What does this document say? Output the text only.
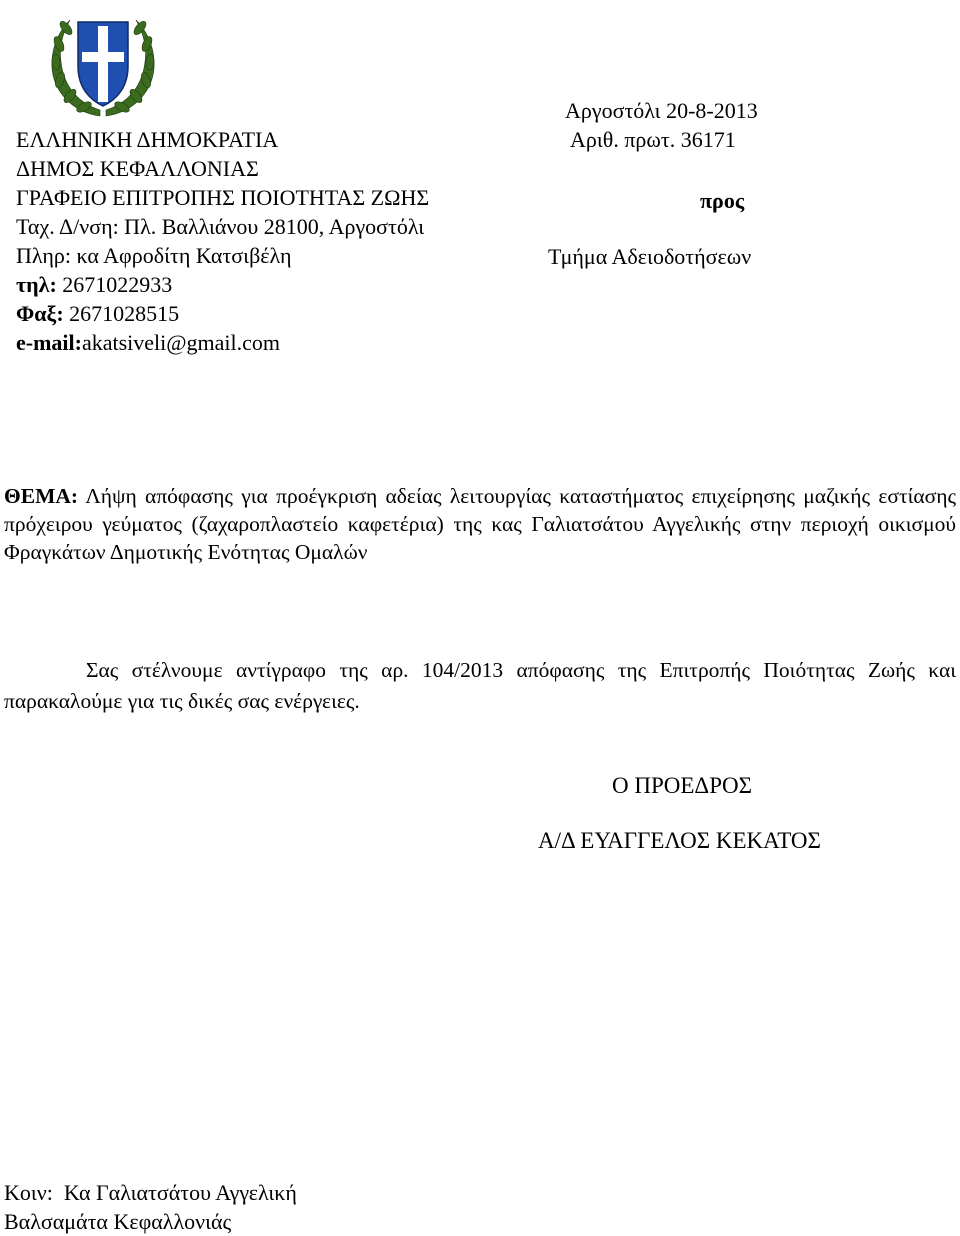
ΕΛΛΗΝΙΚΗ ΔΗΜΟΚΡΑΤΙΑ
ΔΗΜΟΣ ΚΕΦΑΛΛΟΝΙΑΣ
ΓΡΑΦΕΙΟ ΕΠΙΤΡΟΠΗΣ ΠΟΙΟΤΗΤΑΣ ΖΩΗΣ
Ταχ. Δ/νση: Πλ. Βαλλιάνου 28100, Αργοστόλι
Πληρ: κα Αφροδίτη Κατσιβέλη
τηλ: 2671022933
Φαξ: 2671028515
e-mail:akatsiveli@gmail.com
Αργοστόλι 20-8-2013
Αριθ. πρωτ. 36171
προς
Τμήμα Αδειοδοτήσεων
ΘΕΜΑ: Λήψη απόφασης για προέγκριση αδείας λειτουργίας καταστήματος επιχείρησης μαζικής εστίασης πρόχειρου γεύματος (ζαχαροπλαστείο καφετέρια) της κας Γαλιατσάτου Αγγελικής στην περιοχή οικισμού Φραγκάτων Δημοτικής Ενότητας Ομαλών
Σας στέλνουμε αντίγραφο της αρ. 104/2013 απόφασης της Επιτροπής Ποιότητας Ζωής και παρακαλούμε για τις δικές σας ενέργειες.
Ο ΠΡΟΕΔΡΟΣ
Α/Δ ΕΥΑΓΓΕΛΟΣ ΚΕΚΑΤΟΣ
Κοιν:  Κα Γαλιατσάτου Αγγελική
Βαλσαμάτα Κεφαλλονιάς
